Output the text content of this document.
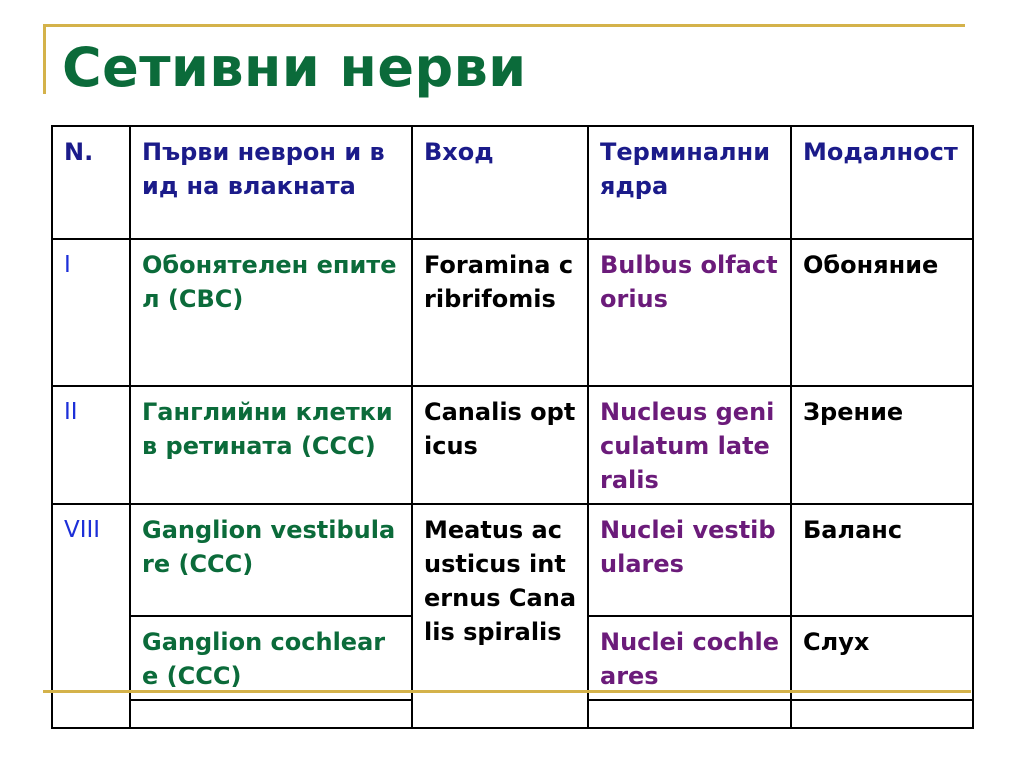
Сетивни нерви
N.	Първи неврон и вид на влакната	Вход	Терминални ядра	Модалност
I	Обонятелен епител (СВС)	Foramina cribrifomis	Bulbus olfactorius	Обоняние
II	Ганглийни клетки в ретината (ССС)	Canalis opticus	Nucleus geniculatum lateralis	Зрение
VIII	Ganglion vestibulare (ССС)	Meatus acusticus internus Canalis spiralis	Nuclei vestibulares	Баланс
	Ganglion cochleare (ССС)		Nuclei cochleares	Слух
